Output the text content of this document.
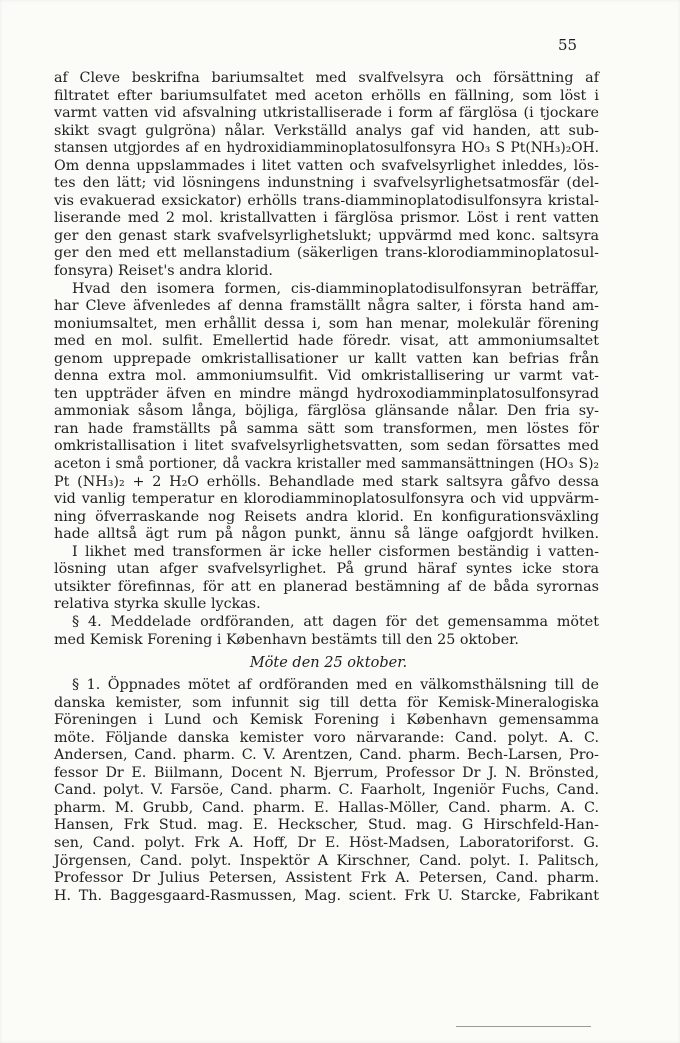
55
af Cleve beskrifna bariumsaltet med svalfvelsyra och försättning af
filtratet efter bariumsulfatet med aceton erhölls en fällning, som löst i
varmt vatten vid afsvalning utkristalliserade i form af färglösa (i tjockare
skikt svagt gulgröna) nålar. Verkställd analys gaf vid handen, att sub-
stansen utgjordes af en hydroxidiamminoplatosulfonsyra HO₃ S Pt(NH₃)₂OH.
Om denna uppslammades i litet vatten och svafvelsyrlighet inleddes, lös-
tes den lätt; vid lösningens indunstning i svafvelsyrlighetsatmosfär (del-
vis evakuerad exsickator) erhölls trans-diamminoplatodisulfonsyra kristal-
liserande med 2 mol. kristallvatten i färglösa prismor. Löst i rent vatten
ger den genast stark svafvelsyrlighetslukt; uppvärmd med konc. saltsyra
ger den med ett mellanstadium (säkerligen trans-klorodiamminoplatosul-
fonsyra) Reiset's andra klorid.
Hvad den isomera formen, cis-diamminoplatodisulfonsyran beträffar,
har Cleve äfvenledes af denna framställt några salter, i första hand am-
moniumsaltet, men erhållit dessa i, som han menar, molekulär förening
med en mol. sulfit. Emellertid hade föredr. visat, att ammoniumsaltet
genom upprepade omkristallisationer ur kallt vatten kan befrias från
denna extra mol. ammoniumsulfit. Vid omkristallisering ur varmt vat-
ten uppträder äfven en mindre mängd hydroxodiamminplatosulfonsyrad
ammoniak såsom långa, böjliga, färglösa glänsande nålar. Den fria sy-
ran hade framställts på samma sätt som transformen, men löstes för
omkristallisation i litet svafvelsyrlighetsvatten, som sedan försattes med
aceton i små portioner, då vackra kristaller med sammansättningen (HO₃ S)₂
Pt (NH₃)₂ + 2 H₂O erhölls. Behandlade med stark saltsyra gåfvo dessa
vid vanlig temperatur en klorodiamminoplatosulfonsyra och vid uppvärm-
ning öfverraskande nog Reisets andra klorid. En konfigurationsväxling
hade alltså ägt rum på någon punkt, ännu så länge oafgjordt hvilken.
I likhet med transformen är icke heller cisformen beständig i vatten-
lösning utan afger svafvelsyrlighet. På grund häraf syntes icke stora
utsikter förefinnas, för att en planerad bestämning af de båda syrornas
relativa styrka skulle lyckas.
§ 4. Meddelade ordföranden, att dagen för det gemensamma mötet
med Kemisk Forening i København bestämts till den 25 oktober.
Möte den 25 oktober.
§ 1. Öppnades mötet af ordföranden med en välkomsthälsning till de
danska kemister, som infunnit sig till detta för Kemisk-Mineralogiska
Föreningen i Lund och Kemisk Forening i København gemensamma
möte. Följande danska kemister voro närvarande: Cand. polyt. A. C.
Andersen, Cand. pharm. C. V. Arentzen, Cand. pharm. Bech-Larsen, Pro-
fessor Dr E. Biilmann, Docent N. Bjerrum, Professor Dr J. N. Brönsted,
Cand. polyt. V. Farsöe, Cand. pharm. C. Faarholt, Ingeniör Fuchs, Cand.
pharm. M. Grubb, Cand. pharm. E. Hallas-Möller, Cand. pharm. A. C.
Hansen, Frk Stud. mag. E. Heckscher, Stud. mag. G Hirschfeld-Han-
sen, Cand. polyt. Frk A. Hoff, Dr E. Höst-Madsen, Laboratoriforst. G.
Jörgensen, Cand. polyt. Inspektör A Kirschner, Cand. polyt. I. Palitsch,
Professor Dr Julius Petersen, Assistent Frk A. Petersen, Cand. pharm.
H. Th. Baggesgaard-Rasmussen, Mag. scient. Frk U. Starcke, Fabrikant
